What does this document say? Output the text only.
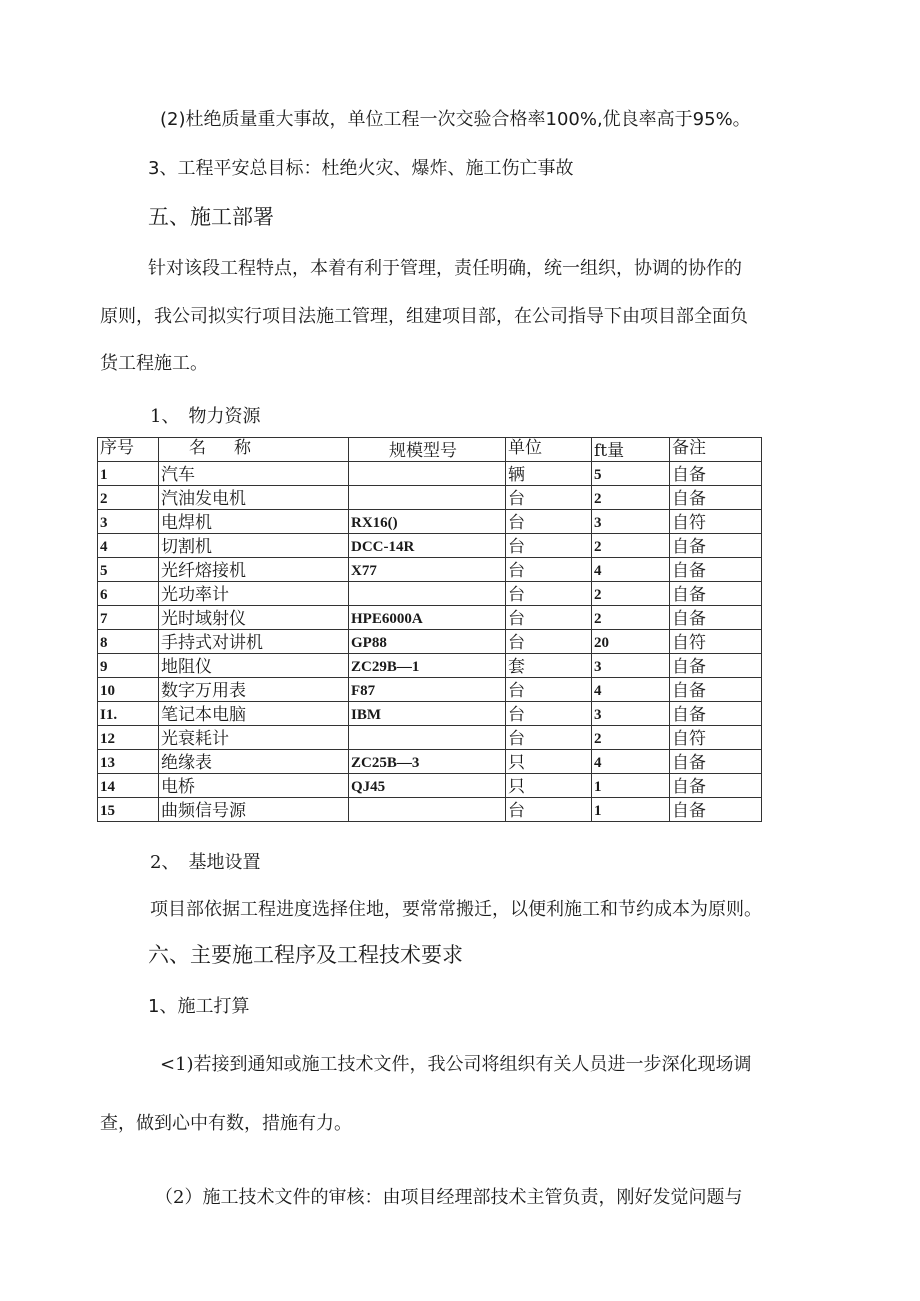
(2)杜绝质量重大事故，单位工程一次交验合格率100%,优良率高于95%。
3、工程平安总目标：杜绝火灾、爆炸、施工伤亡事故
五、施工部署
针对该段工程特点，本着有利于管理，责任明确，统一组织，协调的协作的
原则，我公司拟实行项目法施工管理，组建项目部，在公司指导下由项目部全面负
货工程施工。
1、　物力资源
序号	名称	规模型号	单位	ft量	备注
1	汽车		辆	5	自备
2	汽油发电机		台	2	自备
3	电焊机	RX16()	台	3	自符
4	切割机	DCC-14R	台	2	自备
5	光纤熔接机	X77	台	4	自备
6	光功率计		台	2	自备
7	光时域射仪	HPE6000A	台	2	自备
8	手持式对讲机	GP88	台	20	自符
9	地阻仪	ZC29B—1	套	3	自备
10	数字万用表	F87	台	4	自备
I1.	笔记本电脑	IBM	台	3	自备
12	光衰耗计		台	2	自符
13	绝缘表	ZC25B—3	只	4	自备
14	电桥	QJ45	只	1	自备
15	曲频信号源		台	1	自备
2、　基地设置
项目部依据工程进度选择住地，要常常搬迁，以便利施工和节约成本为原则。
六、主要施工程序及工程技术要求
1、施工打算
<1)若接到通知或施工技术文件，我公司将组织有关人员进一步深化现场调
查，做到心中有数，措施有力。
（2）施工技术文件的审核：由项目经理部技术主管负责，刚好发觉问题与
